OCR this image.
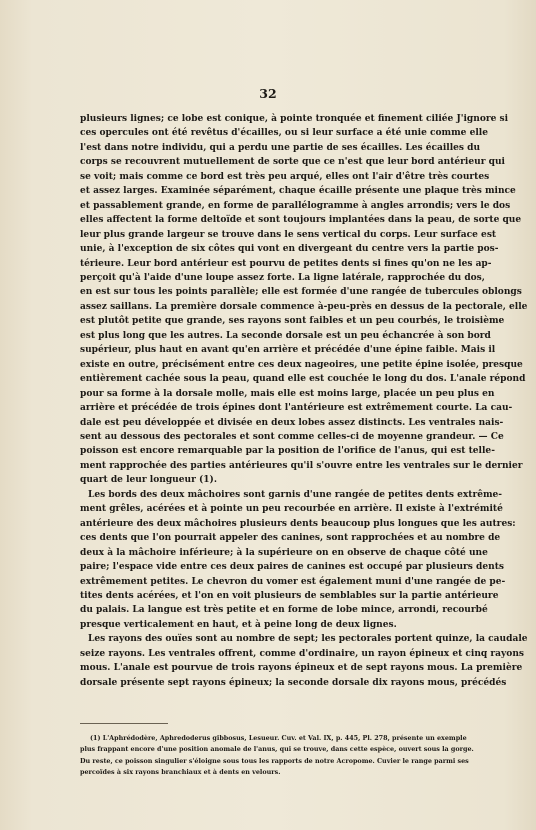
32

plusieurs lignes; ce lobe est conique, à pointe tronquée et finement ciliée J'ignore si

ces opercules ont été revêtus d'écailles, ou si leur surface a été unie comme elle

l'est dans notre individu, qui a perdu une partie de ses écailles. Les écailles du

corps se recouvrent mutuellement de sorte que ce n'est que leur bord antérieur qui

se voit; mais comme ce bord est très peu arqué, elles ont l'air d'être très courtes

et assez larges. Examinée séparément, chaque écaille présente une plaque très mince

et passablement grande, en forme de parallélogramme à angles arrondis; vers le dos

elles affectent la forme deltoïde et sont toujours implantées dans la peau, de sorte que

leur plus grande largeur se trouve dans le sens vertical du corps. Leur surface est

unie, à l'exception de six côtes qui vont en divergeant du centre vers la partie pos-

térieure. Leur bord antérieur est pourvu de petites dents si fines qu'on ne les ap-

perçoit qu'à l'aide d'une loupe assez forte. La ligne latérale, rapprochée du dos,

en est sur tous les points parallèle; elle est formée d'une rangée de tubercules oblongs

assez saillans. La première dorsale commence à-peu-près en dessus de la pectorale, elle

est plutôt petite que grande, ses rayons sont faibles et un peu courbés, le troisième

est plus long que les autres. La seconde dorsale est un peu échancrée à son bord

supérieur, plus haut en avant qu'en arrière et précédée d'une épine faible. Mais il

existe en outre, précisément entre ces deux nageoires, une petite épine isolée, presque

entièrement cachée sous la peau, quand elle est couchée le long du dos. L'anale répond

pour sa forme à la dorsale molle, mais elle est moins large, placée un peu plus en

arrière et précédée de trois épines dont l'antérieure est extrêmement courte. La cau-

dale est peu développée et divisée en deux lobes assez distincts. Les ventrales nais-

sent au dessous des pectorales et sont comme celles-ci de moyenne grandeur. — Ce

poisson est encore remarquable par la position de l'orifice de l'anus, qui est telle-

ment rapprochée des parties antérieures qu'il s'ouvre entre les ventrales sur le dernier

quart de leur longueur (1).

Les bords des deux mâchoires sont garnis d'une rangée de petites dents extrême-

ment grêles, acérées et à pointe un peu recourbée en arrière. Il existe à l'extrémité

antérieure des deux mâchoires plusieurs dents beaucoup plus longues que les autres:

ces dents que l'on pourrait appeler des canines, sont rapprochées et au nombre de

deux à la mâchoire inférieure; à la supérieure on en observe de chaque côté une

paire; l'espace vide entre ces deux paires de canines est occupé par plusieurs dents

extrêmement petites. Le chevron du vomer est également muni d'une rangée de pe-

tites dents acérées, et l'on en voit plusieurs de semblables sur la partie antérieure

du palais. La langue est très petite et en forme de lobe mince, arrondi, recourbé

presque verticalement en haut, et à peine long de deux lignes.

Les rayons des ouïes sont au nombre de sept; les pectorales portent quinze, la caudale

seize rayons. Les ventrales offrent, comme d'ordinaire, un rayon épineux et cinq rayons

mous. L'anale est pourvue de trois rayons épineux et de sept rayons mous. La première

dorsale présente sept rayons épineux; la seconde dorsale dix rayons mous, précédés

(1) L'Aphrédodère, Aphredoderus gibbosus, Lesueur. Cuv. et Val. IX, p. 445, Pl. 278, présente un exemple

plus frappant encore d'une position anomale de l'anus, qui se trouve, dans cette espèce, ouvert sous la gorge.

Du reste, ce poisson singulier s'éloigne sous tous les rapports de notre Acropome. Cuvier le range parmi ses

percoïdes à six rayons branchiaux et à dents en velours.
